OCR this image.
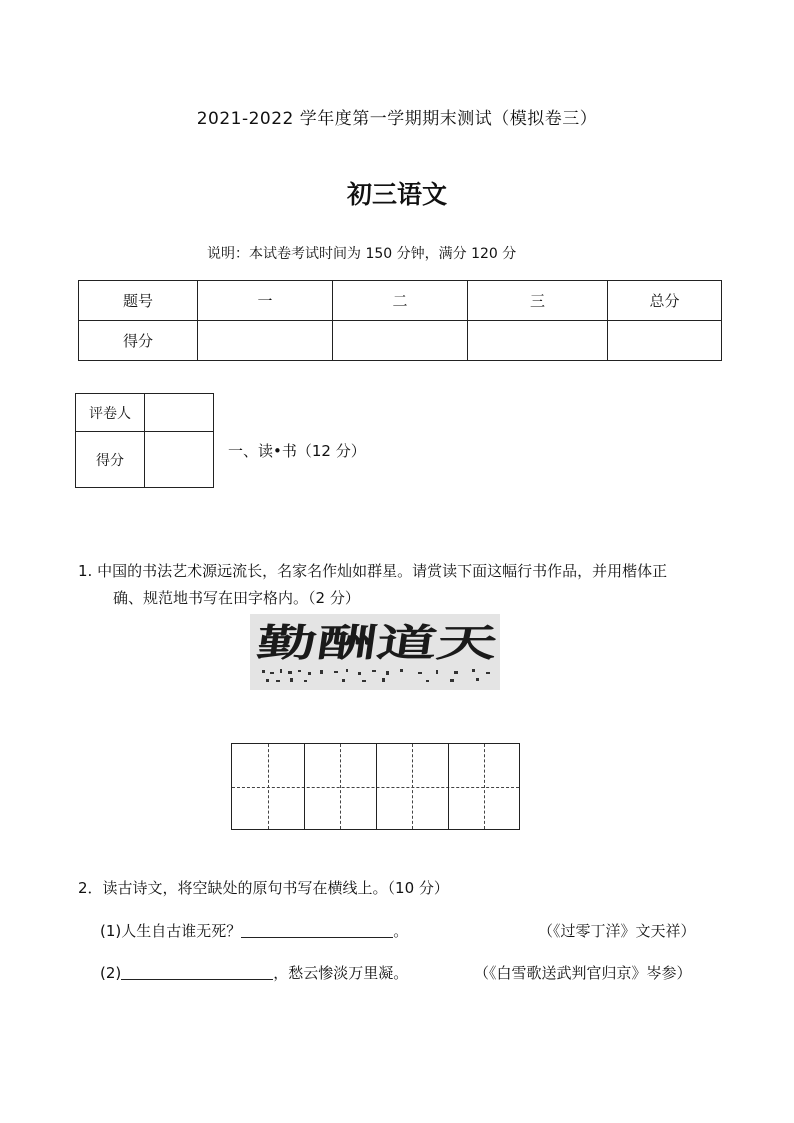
2021-2022 学年度第一学期期末测试（模拟卷三）
初三语文
说明：本试卷考试时间为 150 分钟，满分 120 分
题号	一	二	三	总分
得分				
评卷人	
得分	
一、读•书（12 分）
1. 中国的书法艺术源远流长，名家名作灿如群星。请赏读下面这幅行书作品，并用楷体正
确、规范地书写在田字格内。（2 分）
勤酬道天
2．读古诗文，将空缺处的原句书写在横线上。（10 分）
(1)人生自古谁无死？	。	（《过零丁洋》文天祥）
(2)	，愁云惨淡万里凝。	（《白雪歌送武判官归京》岑参）
